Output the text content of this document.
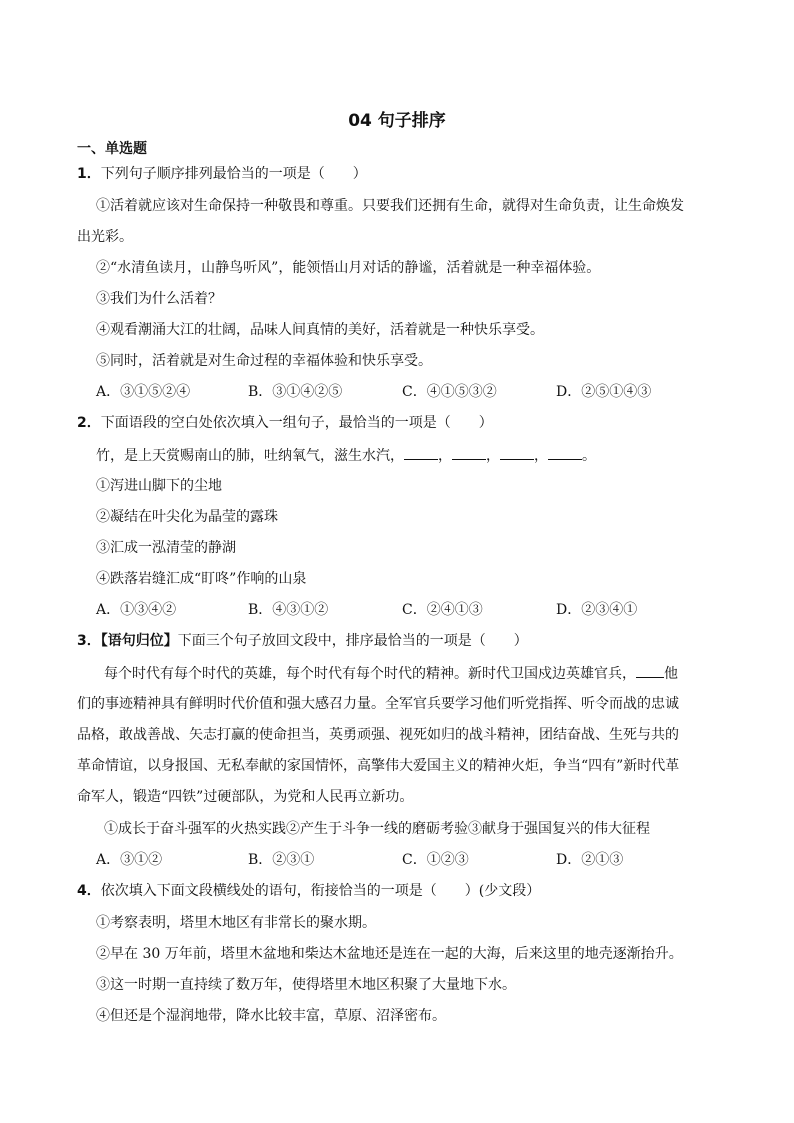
04 句子排序
一、单选题
1．下列句子顺序排列最恰当的一项是（　　）
①活着就应该对生命保持一种敬畏和尊重。只要我们还拥有生命，就得对生命负责，让生命焕发
出光彩。
②“水清鱼读月，山静鸟听风”，能领悟山月对话的静谧，活着就是一种幸福体验。
③我们为什么活着？
④观看潮涌大江的壮阔，品味人间真情的美好，活着就是一种快乐享受。
⑤同时，活着就是对生命过程的幸福体验和快乐享受。
A．③①⑤②④	B．③①④②⑤	C．④①⑤③②	D．②⑤①④③
2．下面语段的空白处依次填入一组句子，最恰当的一项是（　　）
竹，是上天赏赐南山的肺，吐纳氧气，滋生水汽， ， ， ， 。
①泻进山脚下的尘地
②凝结在叶尖化为晶莹的露珠
③汇成一泓清莹的静湖
④跌落岩缝汇成“盯咚”作响的山泉
A．①③④②	B．④③①②	C．②④①③	D．②③④①
3．【语句归位】下面三个句子放回文段中，排序最恰当的一项是（　　）
每个时代有每个时代的英雄，每个时代有每个时代的精神。新时代卫国戍边英雄官兵， 他
们的事迹精神具有鲜明时代价值和强大感召力量。全军官兵要学习他们听党指挥、听令而战的忠诚
品格，敢战善战、矢志打赢的使命担当，英勇顽强、视死如归的战斗精神，团结奋战、生死与共的
革命情谊，以身报国、无私奉献的家国情怀，高擎伟大爱国主义的精神火炬，争当“四有”新时代革
命军人，锻造“四铁”过硬部队，为党和人民再立新功。
①成长于奋斗强军的火热实践②产生于斗争一线的磨砺考验③献身于强国复兴的伟大征程
A．③①②	B．②③①	C．①②③	D．②①③
4．依次填入下面文段横线处的语句，衔接恰当的一项是（　　）(少文段）
①考察表明，塔里木地区有非常长的聚水期。
②早在 30 万年前，塔里木盆地和柴达木盆地还是连在一起的大海，后来这里的地壳逐渐抬升。
③这一时期一直持续了数万年，使得塔里木地区积聚了大量地下水。
④但还是个湿润地带，降水比较丰富，草原、沼泽密布。
